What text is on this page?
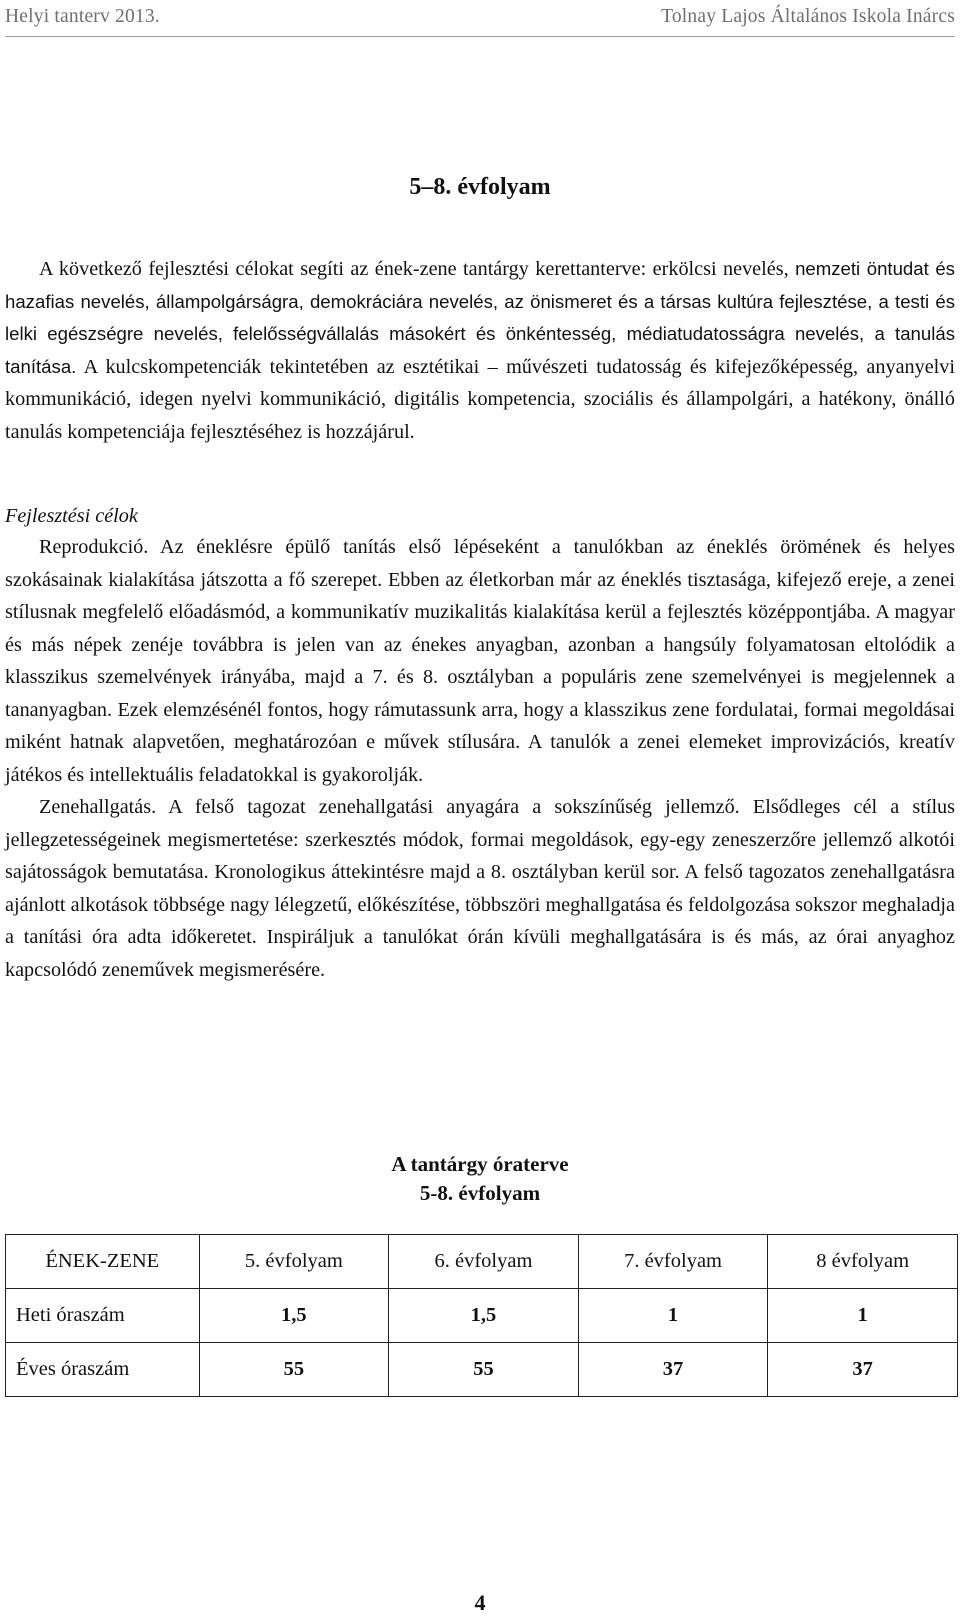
Helyi tanterv 2013.	Tolnay Lajos Általános Iskola Inárcs
5–8. évfolyam

A következő fejlesztési célokat segíti az ének-zene tantárgy kerettanterve: erkölcsi nevelés, nemzeti öntudat és hazafias nevelés, állampolgárságra, demokráciára nevelés, az önismeret és a társas kultúra fejlesztése, a testi és lelki egészségre nevelés, felelősségvállalás másokért és önkéntesség, médiatudatosságra nevelés, a tanulás tanítása. A kulcskompetenciák tekintetében az esztétikai – művészeti tudatosság és kifejezőképesség, anyanyelvi kommunikáció, idegen nyelvi kommunikáció, digitális kompetencia, szociális és állampolgári, a hatékony, önálló tanulás kompetenciája fejlesztéséhez is hozzájárul.

Fejlesztési célok

Reprodukció. Az éneklésre épülő tanítás első lépéseként a tanulókban az éneklés örömének és helyes szokásainak kialakítása játszotta a fő szerepet. Ebben az életkorban már az éneklés tisztasága, kifejező ereje, a zenei stílusnak megfelelő előadásmód, a kommunikatív muzikalitás kialakítása kerül a fejlesztés középpontjába. A magyar és más népek zenéje továbbra is jelen van az énekes anyagban, azonban a hangsúly folyamatosan eltolódik a klasszikus szemelvények irányába, majd a 7. és 8. osztályban a populáris zene szemelvényei is megjelennek a tananyagban. Ezek elemzésénél fontos, hogy rámutassunk arra, hogy a klasszikus zene fordulatai, formai megoldásai miként hatnak alapvetően, meghatározóan e művek stílusára. A tanulók a zenei elemeket improvizációs, kreatív játékos és intellektuális feladatokkal is gyakorolják.

Zenehallgatás. A felső tagozat zenehallgatási anyagára a sokszínűség jellemző. Elsődleges cél a stílus jellegzetességeinek megismertetése: szerkesztés módok, formai megoldások, egy-egy zeneszerzőre jellemző alkotói sajátosságok bemutatása. Kronologikus áttekintésre majd a 8. osztályban kerül sor. A felső tagozatos zenehallgatásra ajánlott alkotások többsége nagy lélegzetű, előkészítése, többszöri meghallgatása és feldolgozása sokszor meghaladja a tanítási óra adta időkeretet. Inspiráljuk a tanulókat órán kívüli meghallgatására is és más, az órai anyaghoz kapcsolódó zeneművek megismerésére.

A tantárgy óraterve
5-8. évfolyam
ÉNEK-ZENE	5. évfolyam	6. évfolyam	7. évfolyam	8 évfolyam
Heti óraszám	1,5	1,5	1	1
Éves óraszám	55	55	37	37
4
